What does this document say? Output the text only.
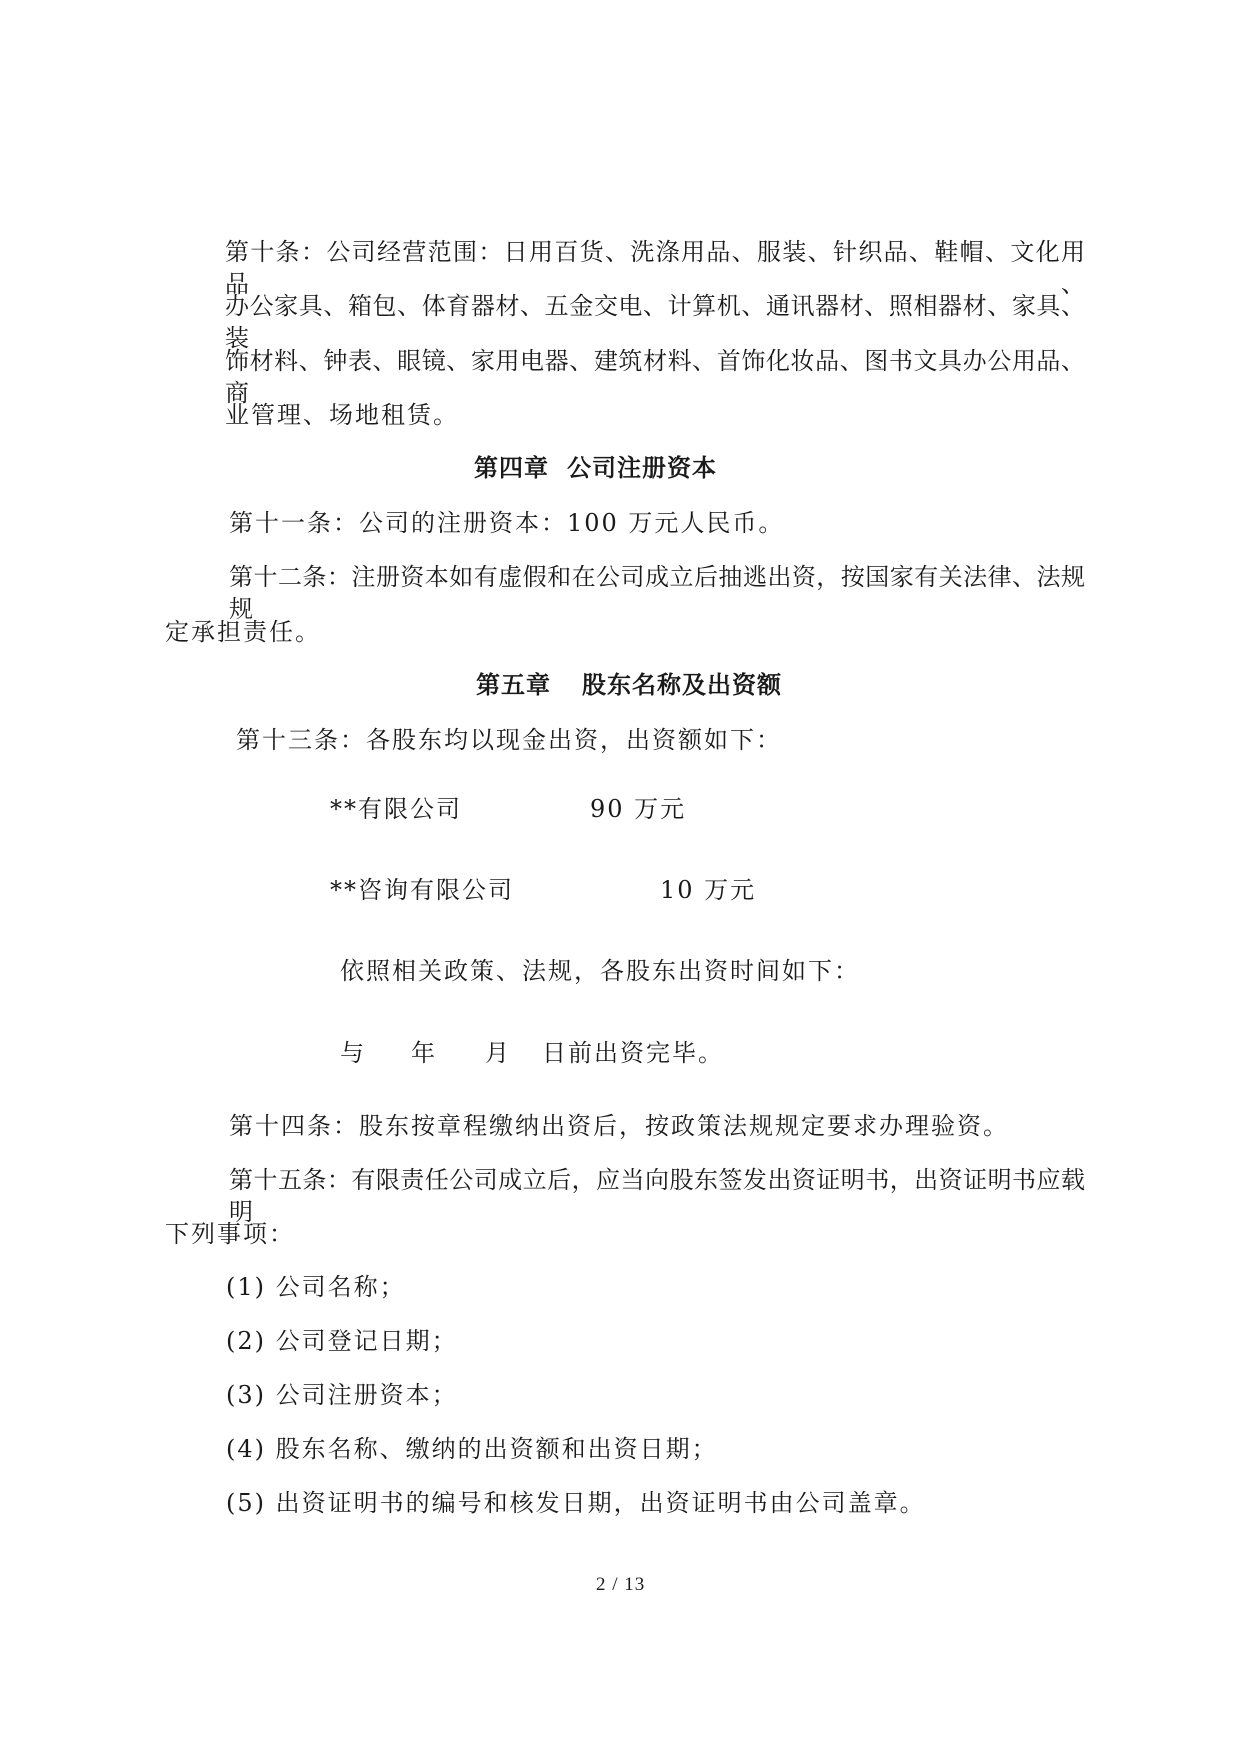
第十条：公司经营范围：日用百货、洗涤用品、服装、针织品、鞋帽、文化用品、
办公家具、箱包、体育器材、五金交电、计算机、通讯器材、照相器材、家具、装
饰材料、钟表、眼镜、家用电器、建筑材料、首饰化妆品、图书文具办公用品、商
业管理、场地租赁。
第四章 公司注册资本
第十一条：公司的注册资本：100 万元人民币。
第十二条：注册资本如有虚假和在公司成立后抽逃出资，按国家有关法律、法规规
定承担责任。
第五章 股东名称及出资额
第十三条：各股东均以现金出资，出资额如下：
**有限公司	90 万元
**咨询有限公司	10 万元
依照相关政策、法规，各股东出资时间如下：
与 年 月 日前出资完毕。
第十四条：股东按章程缴纳出资后，按政策法规规定要求办理验资。
第十五条：有限责任公司成立后，应当向股东签发出资证明书，出资证明书应载明
下列事项：
(1) 公司名称；
(2) 公司登记日期；
(3) 公司注册资本；
(4) 股东名称、缴纳的出资额和出资日期；
(5) 出资证明书的编号和核发日期，出资证明书由公司盖章。
2 / 13
